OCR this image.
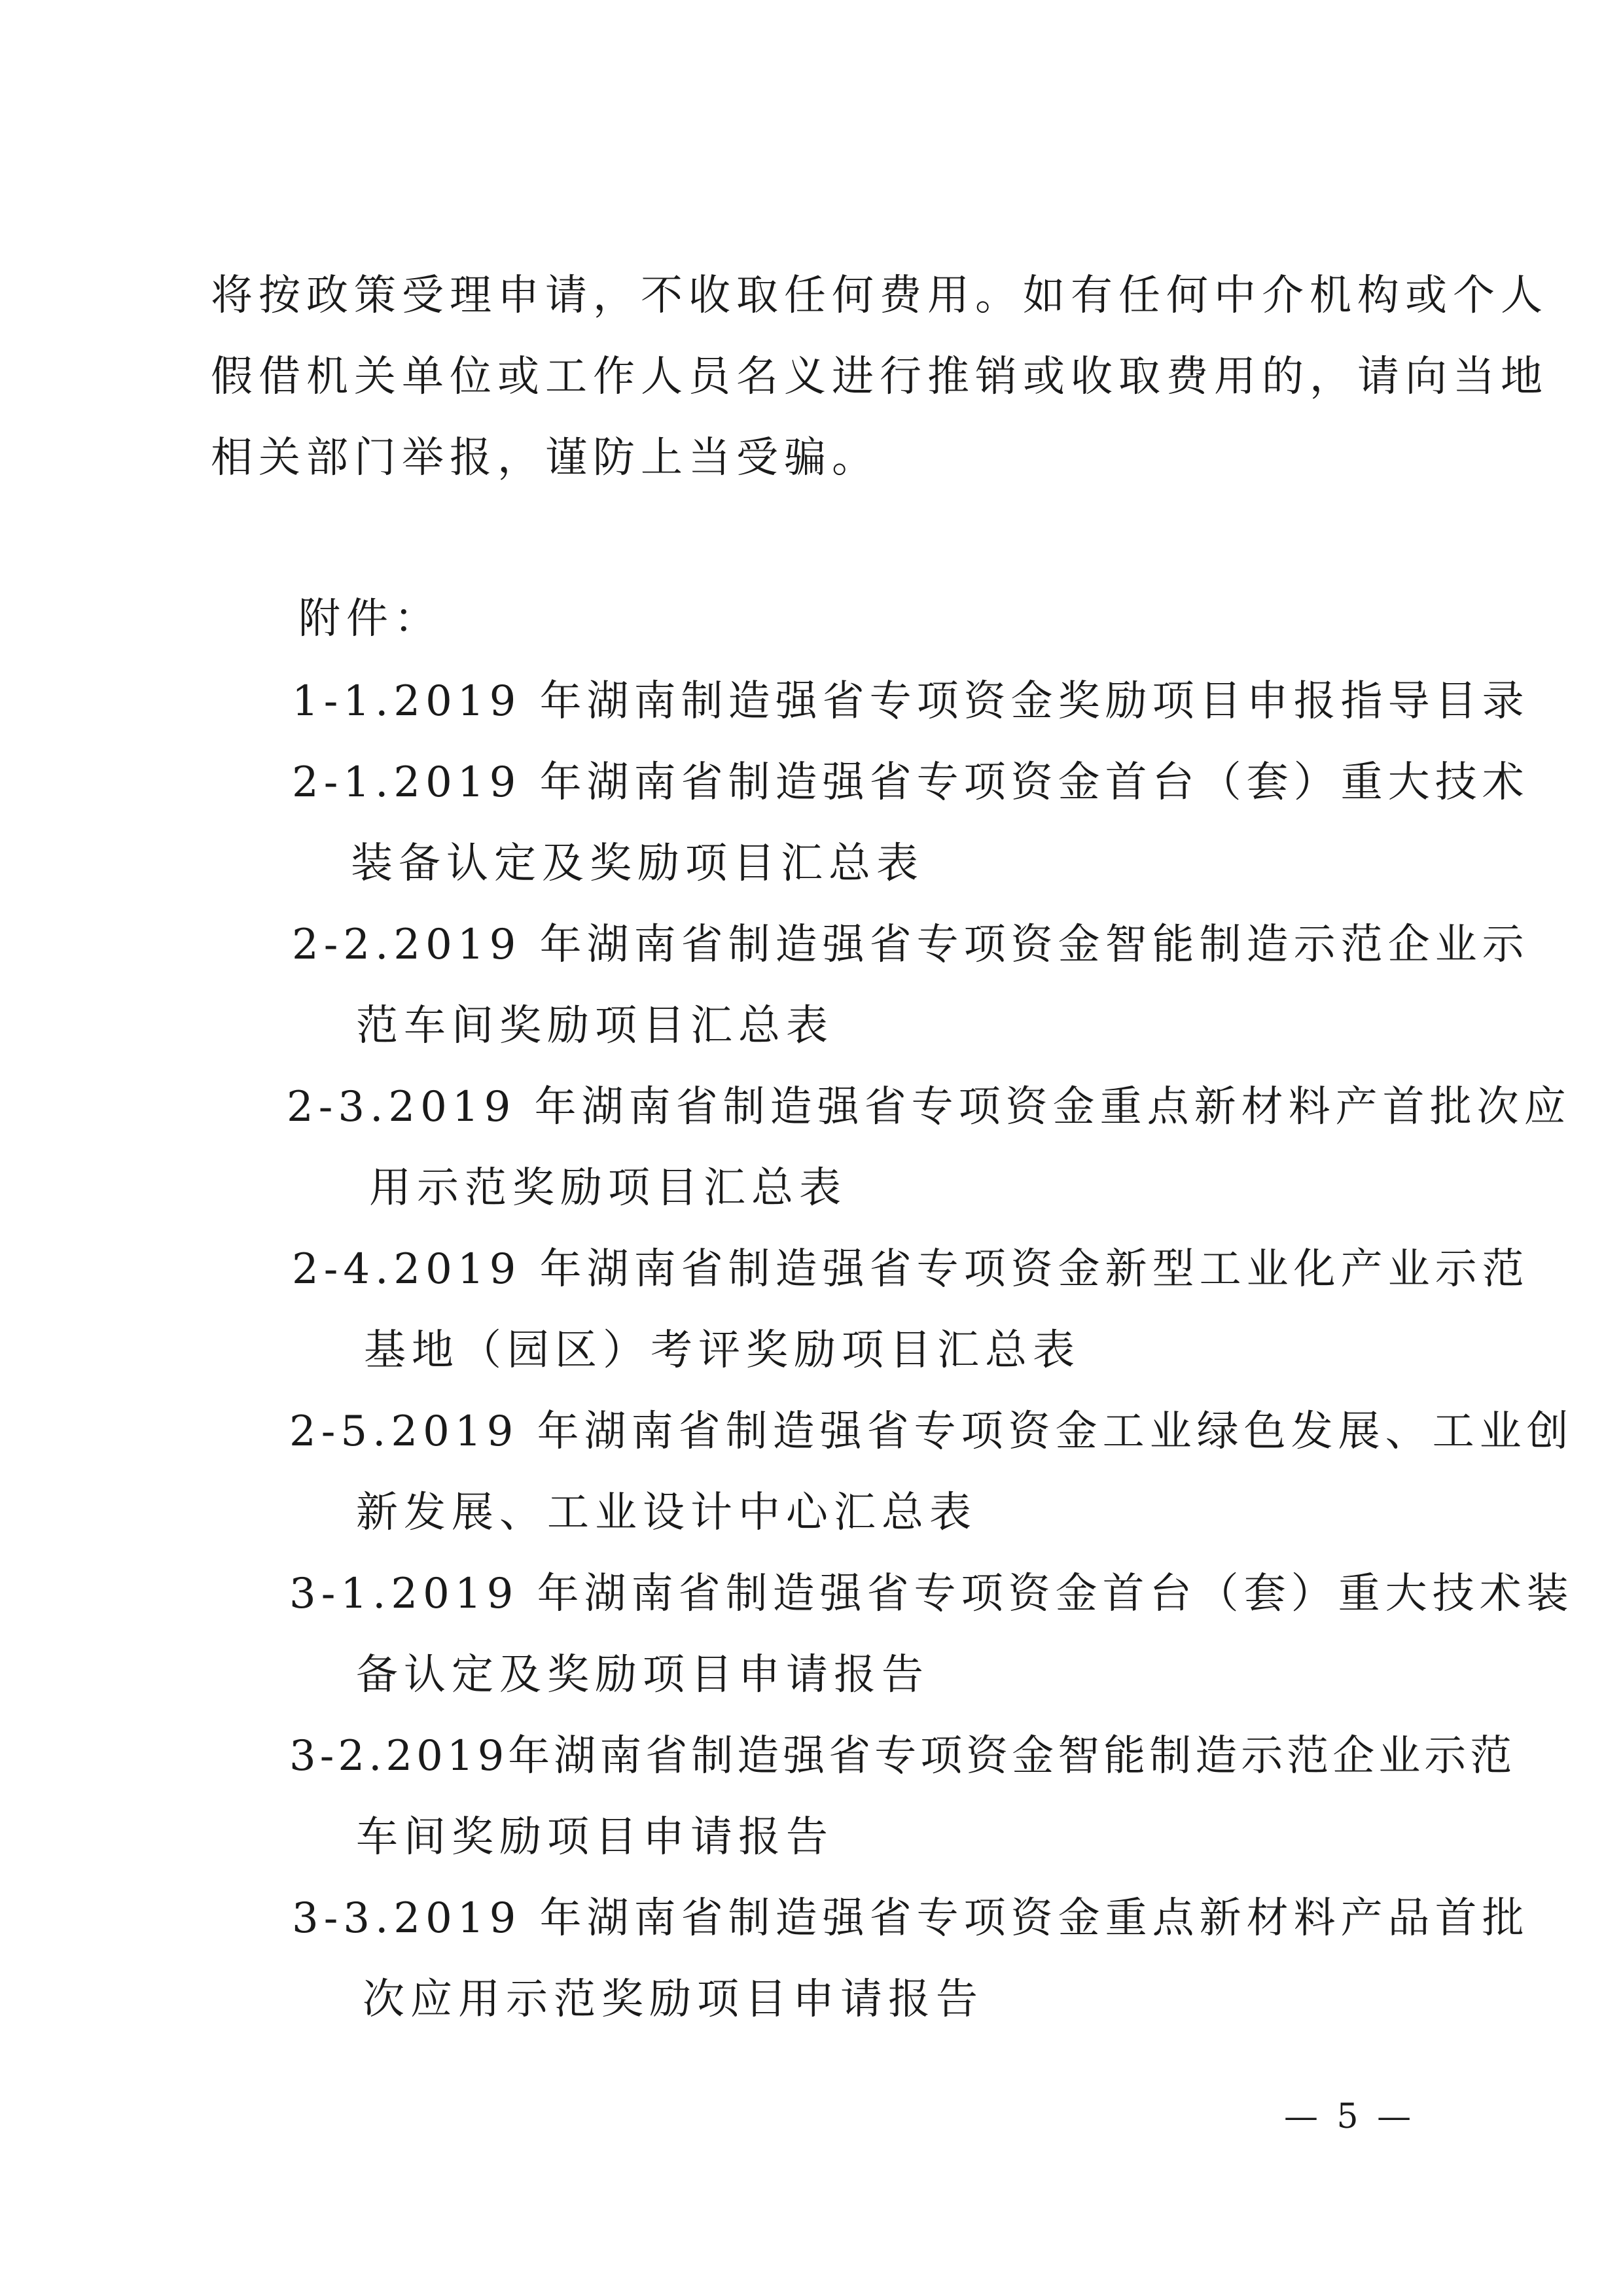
将按政策受理申请，不收取任何费用。如有任何中介机构或个人
假借机关单位或工作人员名义进行推销或收取费用的，请向当地
相关部门举报，谨防上当受骗。
附件：
1-1.2019 年湖南制造强省专项资金奖励项目申报指导目录
2-1.2019 年湖南省制造强省专项资金首台（套）重大技术
装备认定及奖励项目汇总表
2-2.2019 年湖南省制造强省专项资金智能制造示范企业示
范车间奖励项目汇总表
2-3.2019 年湖南省制造强省专项资金重点新材料产首批次应
用示范奖励项目汇总表
2-4.2019 年湖南省制造强省专项资金新型工业化产业示范
基地（园区）考评奖励项目汇总表
2-5.2019 年湖南省制造强省专项资金工业绿色发展、工业创
新发展、工业设计中心汇总表
3-1.2019 年湖南省制造强省专项资金首台（套）重大技术装
备认定及奖励项目申请报告
3-2.2019年湖南省制造强省专项资金智能制造示范企业示范
车间奖励项目申请报告
3-3.2019 年湖南省制造强省专项资金重点新材料产品首批
次应用示范奖励项目申请报告
— 5 —
